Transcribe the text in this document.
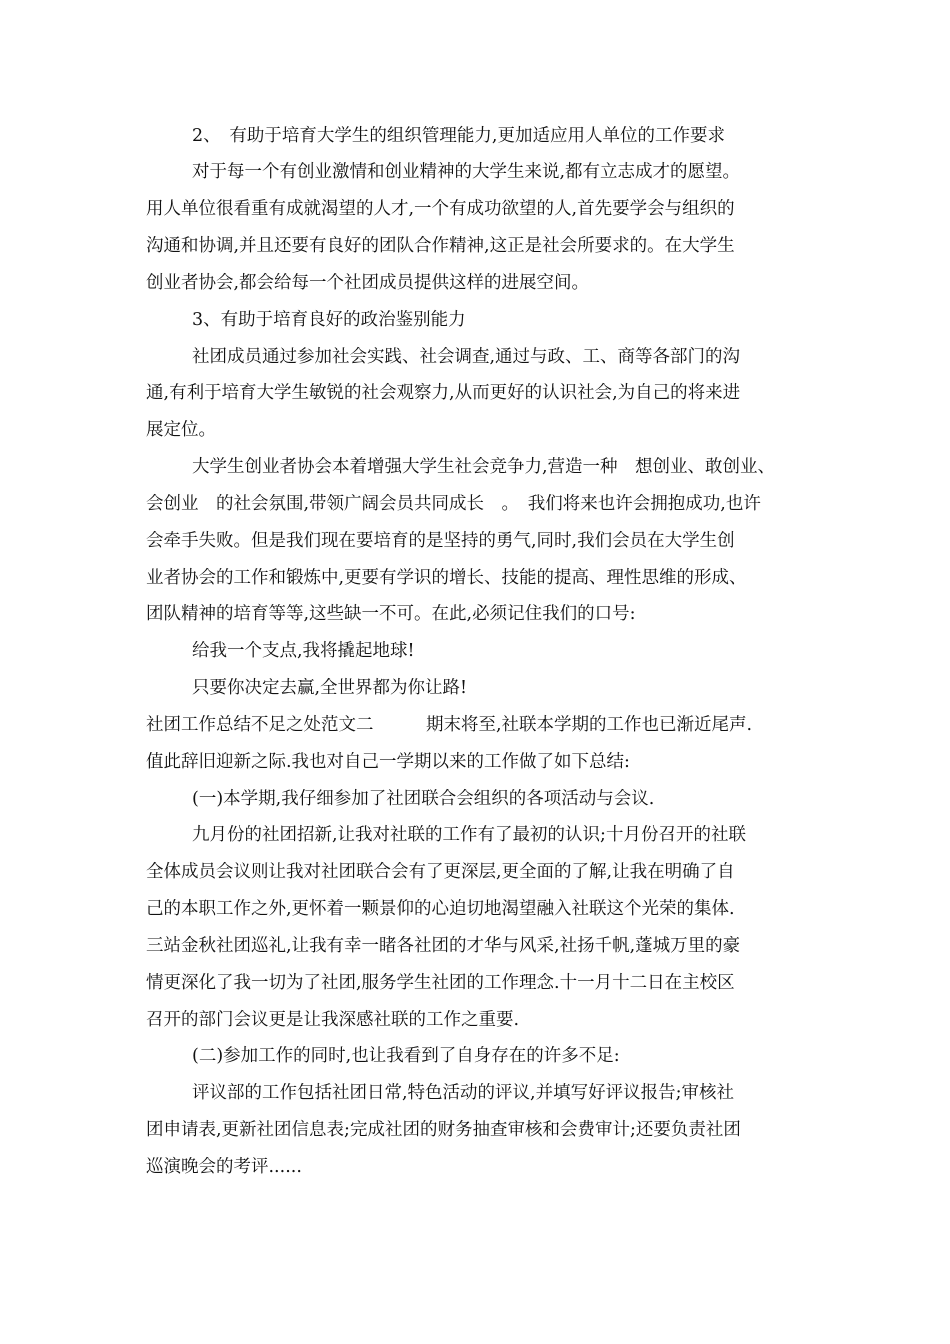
2、　有助于培育大学生的组织管理能力,更加适应用人单位的工作要求
对于每一个有创业激情和创业精神的大学生来说,都有立志成才的愿望。
用人单位很看重有成就渴望的人才,一个有成功欲望的人,首先要学会与组织的
沟通和协调,并且还要有良好的团队合作精神,这正是社会所要求的。在大学生
创业者协会,都会给每一个社团成员提供这样的进展空间。
3、有助于培育良好的政治鉴别能力
社团成员通过参加社会实践、社会调查,通过与政、工、商等各部门的沟
通,有利于培育大学生敏锐的社会观察力,从而更好的认识社会,为自己的将来进
展定位。
大学生创业者协会本着增强大学生社会竞争力,营造一种　想创业、敢创业、
会创业　的社会氛围,带领广阔会员共同成长　。　我们将来也许会拥抱成功,也许
会牵手失败。但是我们现在要培育的是坚持的勇气,同时,我们会员在大学生创
业者协会的工作和锻炼中,更要有学识的增长、技能的提高、理性思维的形成、
团队精神的培育等等,这些缺一不可。在此,必须记住我们的口号:
给我一个支点,我将撬起地球!
只要你决定去赢,全世界都为你让路!
社团工作总结不足之处范文二　　　期末将至,社联本学期的工作也已渐近尾声.
值此辞旧迎新之际.我也对自己一学期以来的工作做了如下总结:
(一)本学期,我仔细参加了社团联合会组织的各项活动与会议.
九月份的社团招新,让我对社联的工作有了最初的认识;十月份召开的社联
全体成员会议则让我对社团联合会有了更深层,更全面的了解,让我在明确了自
己的本职工作之外,更怀着一颗景仰的心迫切地渴望融入社联这个光荣的集体.
三站金秋社团巡礼,让我有幸一睹各社团的才华与风采,社扬千帆,蓬城万里的豪
情更深化了我一切为了社团,服务学生社团的工作理念.十一月十二日在主校区
召开的部门会议更是让我深感社联的工作之重要.
(二)参加工作的同时,也让我看到了自身存在的许多不足:
评议部的工作包括社团日常,特色活动的评议,并填写好评议报告;审核社
团申请表,更新社团信息表;完成社团的财务抽查审核和会费审计;还要负责社团
巡演晚会的考评......
